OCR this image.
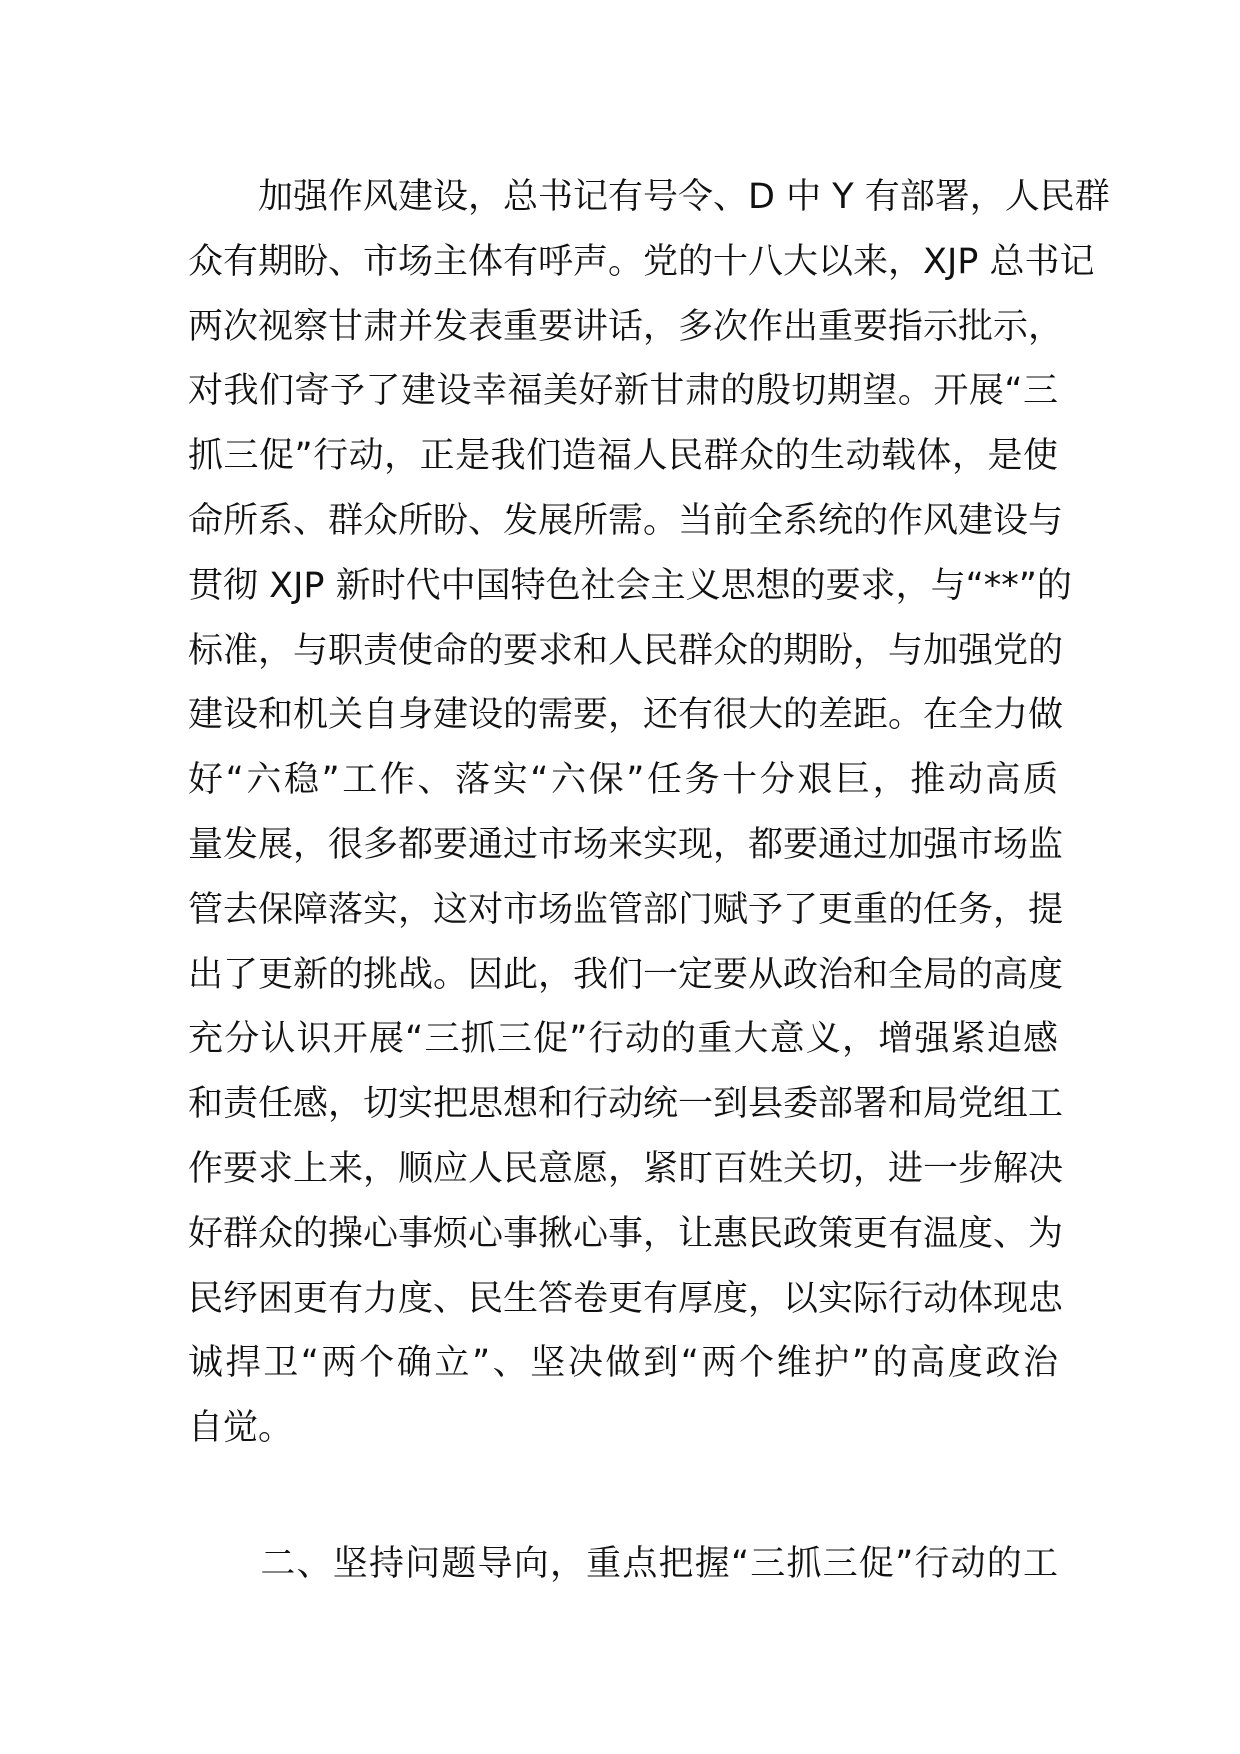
　　加强作风建设，总书记有号令、D 中 Y 有部署，人民群
众有期盼、市场主体有呼声。党的十八大以来，XJP 总书记
两次视察甘肃并发表重要讲话，多次作出重要指示批示，
对我们寄予了建设幸福美好新甘肃的殷切期望。开展“三
抓三促”行动，正是我们造福人民群众的生动载体，是使
命所系、群众所盼、发展所需。当前全系统的作风建设与
贯彻 XJP 新时代中国特色社会主义思想的要求，与“**”的
标准，与职责使命的要求和人民群众的期盼，与加强党的
建设和机关自身建设的需要，还有很大的差距。在全力做
好“六稳”工作、落实“六保”任务十分艰巨，推动高质
量发展，很多都要通过市场来实现，都要通过加强市场监
管去保障落实，这对市场监管部门赋予了更重的任务，提
出了更新的挑战。因此，我们一定要从政治和全局的高度
充分认识开展“三抓三促”行动的重大意义，增强紧迫感
和责任感，切实把思想和行动统一到县委部署和局党组工
作要求上来，顺应人民意愿，紧盯百姓关切，进一步解决
好群众的操心事烦心事揪心事，让惠民政策更有温度、为
民纾困更有力度、民生答卷更有厚度，以实际行动体现忠
诚捍卫“两个确立”、坚决做到“两个维护”的高度政治
自觉。
　　二、坚持问题导向，重点把握“三抓三促”行动的工
